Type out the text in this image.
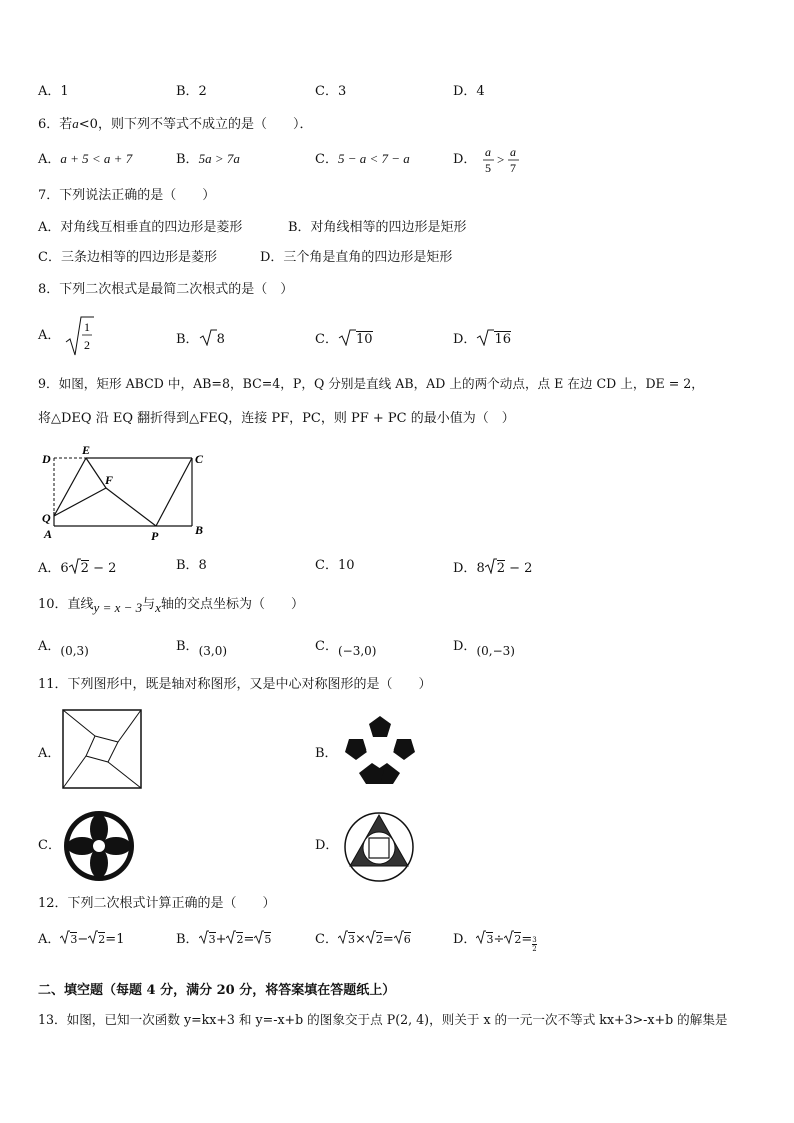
A．1	B．2	C．3	D．4
6．若a<0，则下列不等式不成立的是（　　）．
A．a + 5 < a + 7	B．5a > 7a	C．5 − a < 7 − a	D． a
5
> a
7
7．下列说法正确的是（　　）
A．对角线互相垂直的四边形是菱形	B．对角线相等的四边形是矩形
C．三条边相等的四边形是菱形	D．三个角是直角的四边形是矩形
8．下列二次根式是最简二次根式的是（　）
A．
1
2	B． 8	C． 10	D． 16
9．如图，矩形 ABCD 中，AB=8，BC=4，P，Q 分别是直线 AB，AD 上的两个动点，点 E 在边 CD 上，DE = 2，
将△DEQ 沿 EQ 翻折得到△FEQ，连接 PF，PC，则 PF + PC 的最小值为（　）
D
E
C
F
Q
A	P	B
A．6 2 − 2	B．8	C．10	D．8 2 − 2
10．直线y = x − 3与x轴的交点坐标为（　　）
A．(0,3)	B．(3,0)	C．(−3,0)	D．(0,−3)
11．下列图形中，既是轴对称图形，又是中心对称图形的是（　　）
A．	B．
C．	D．
12．下列二次根式计算正确的是（　　）
A． 3− 2=1	B． 3+ 2= 5	C． 3× 2= 6	D． $3\div 2= \frac{3}{2}$
二、填空题（每题 4 分，满分 20 分，将答案填在答题纸上）
13．如图，已知一次函数 y=kx+3 和 y=-x+b 的图象交于点 P(2, 4)，则关于 x 的一元一次不等式 kx+3>-x+b 的解集是
